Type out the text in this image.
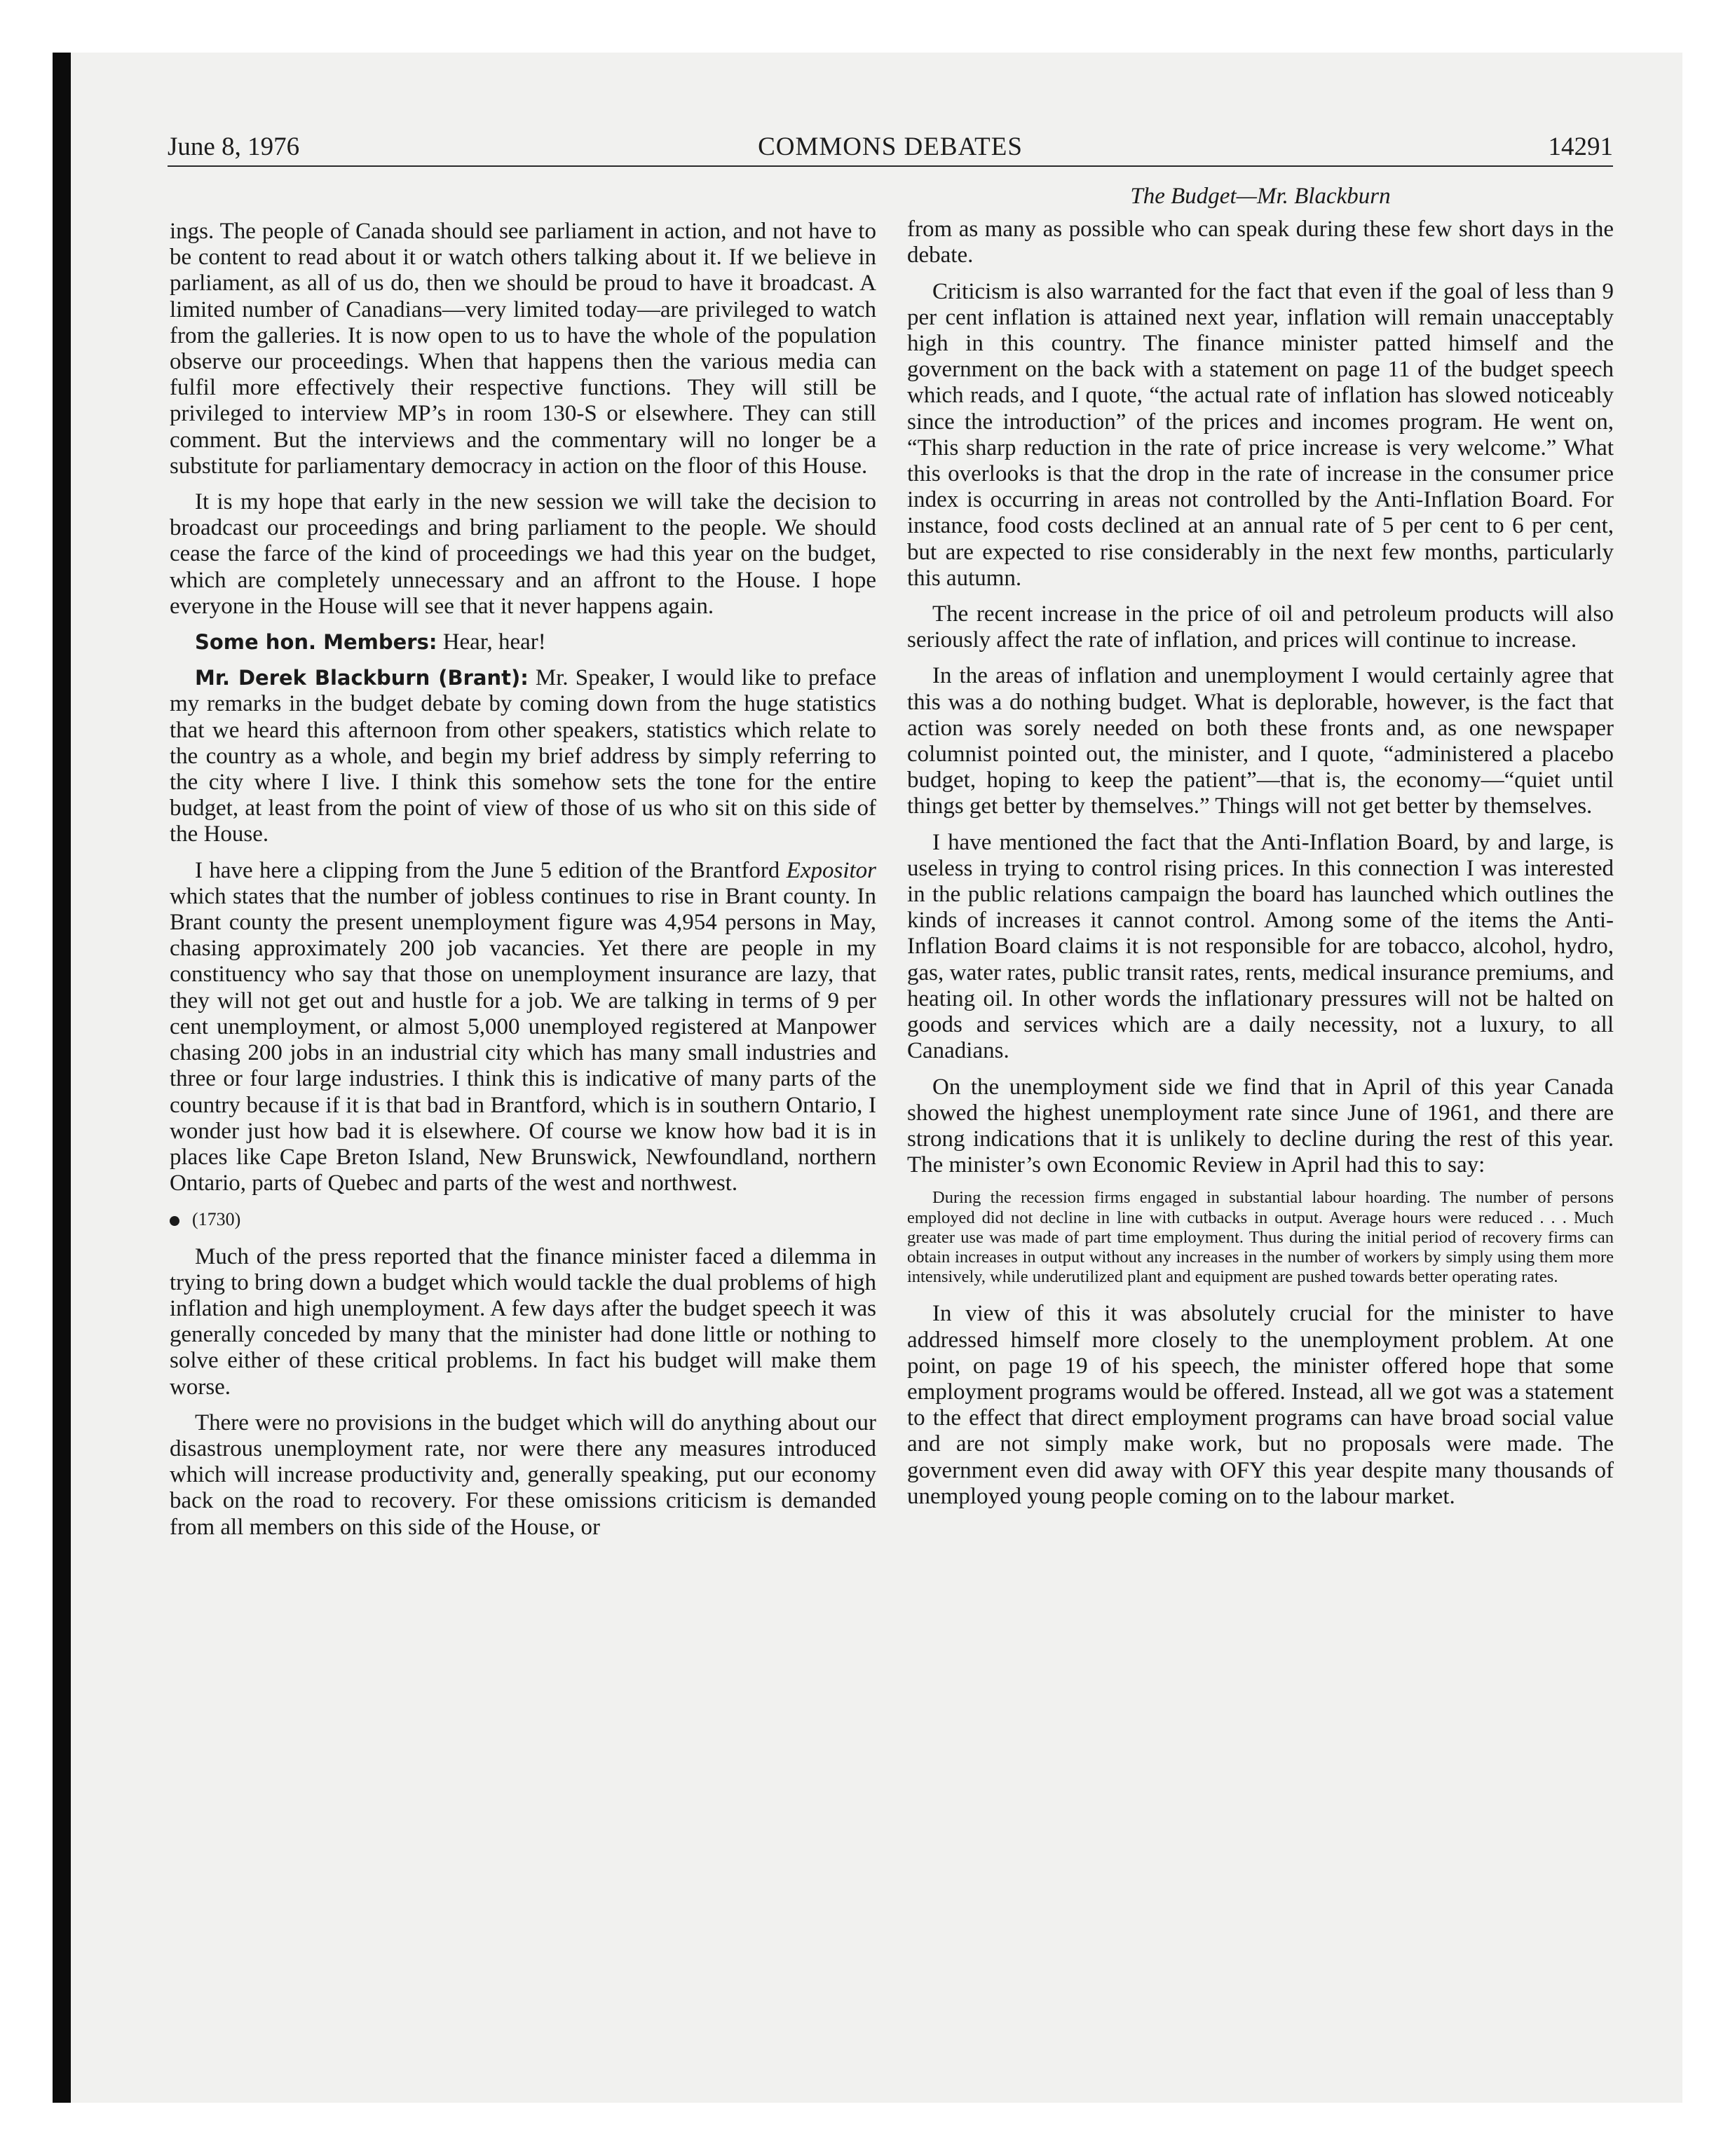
COMMONS DEBATES
June 8, 1976	14291

ings. The people of Canada should see parliament in action, and not have to be content to read about it or watch others talking about it. If we believe in parliament, as all of us do, then we should be proud to have it broadcast. A limited number of Canadians—very limited today—are privileged to watch from the galleries. It is now open to us to have the whole of the population observe our proceedings. When that happens then the various media can fulfil more effectively their respective functions. They will still be privileged to interview MP’s in room 130-S or elsewhere. They can still comment. But the interviews and the commentary will no longer be a substitute for parliamentary democracy in action on the floor of this House.

It is my hope that early in the new session we will take the decision to broadcast our proceedings and bring parliament to the people. We should cease the farce of the kind of proceedings we had this year on the budget, which are completely unnecessary and an affront to the House. I hope everyone in the House will see that it never happens again.

Some hon. Members: Hear, hear!

Mr. Derek Blackburn (Brant): Mr. Speaker, I would like to preface my remarks in the budget debate by coming down from the huge statistics that we heard this afternoon from other speakers, statistics which relate to the country as a whole, and begin my brief address by simply referring to the city where I live. I think this somehow sets the tone for the entire budget, at least from the point of view of those of us who sit on this side of the House.

I have here a clipping from the June 5 edition of the Brantford Expositor which states that the number of jobless continues to rise in Brant county. In Brant county the present unemployment figure was 4,954 persons in May, chasing approximately 200 job vacancies. Yet there are people in my constituency who say that those on unemployment insurance are lazy, that they will not get out and hustle for a job. We are talking in terms of 9 per cent unemployment, or almost 5,000 unemployed registered at Manpower chasing 200 jobs in an industrial city which has many small industries and three or four large industries. I think this is indicative of many parts of the country because if it is that bad in Brantford, which is in southern Ontario, I wonder just how bad it is elsewhere. Of course we know how bad it is in places like Cape Breton Island, New Brunswick, Newfoundland, northern Ontario, parts of Quebec and parts of the west and northwest.

(1730)

Much of the press reported that the finance minister faced a dilemma in trying to bring down a budget which would tackle the dual problems of high inflation and high unemployment. A few days after the budget speech it was generally conceded by many that the minister had done little or nothing to solve either of these critical problems. In fact his budget will make them worse.

There were no provisions in the budget which will do anything about our disastrous unemployment rate, nor were there any measures introduced which will increase productivity and, generally speaking, put our economy back on the road to recovery. For these omissions criticism is demanded from all members on this side of the House, or

The Budget—Mr. Blackburn

from as many as possible who can speak during these few short days in the debate.

Criticism is also warranted for the fact that even if the goal of less than 9 per cent inflation is attained next year, inflation will remain unacceptably high in this country. The finance minister patted himself and the government on the back with a statement on page 11 of the budget speech which reads, and I quote, “the actual rate of inflation has slowed noticeably since the introduction” of the prices and incomes program. He went on, “This sharp reduction in the rate of price increase is very welcome.” What this overlooks is that the drop in the rate of increase in the consumer price index is occurring in areas not controlled by the Anti-Inflation Board. For instance, food costs declined at an annual rate of 5 per cent to 6 per cent, but are expected to rise considerably in the next few months, particularly this autumn.

The recent increase in the price of oil and petroleum products will also seriously affect the rate of inflation, and prices will continue to increase.

In the areas of inflation and unemployment I would certainly agree that this was a do nothing budget. What is deplorable, however, is the fact that action was sorely needed on both these fronts and, as one newspaper columnist pointed out, the minister, and I quote, “administered a placebo budget, hoping to keep the patient”—that is, the economy—“quiet until things get better by themselves.” Things will not get better by themselves.

I have mentioned the fact that the Anti-Inflation Board, by and large, is useless in trying to control rising prices. In this connection I was interested in the public relations campaign the board has launched which outlines the kinds of increases it cannot control. Among some of the items the Anti-Inflation Board claims it is not responsible for are tobacco, alcohol, hydro, gas, water rates, public transit rates, rents, medical insurance premiums, and heating oil. In other words the inflationary pressures will not be halted on goods and services which are a daily necessity, not a luxury, to all Canadians.

On the unemployment side we find that in April of this year Canada showed the highest unemployment rate since June of 1961, and there are strong indications that it is unlikely to decline during the rest of this year. The minister’s own Economic Review in April had this to say:

During the recession firms engaged in substantial labour hoarding. The number of persons employed did not decline in line with cutbacks in output. Average hours were reduced . . . Much greater use was made of part time employment. Thus during the initial period of recovery firms can obtain increases in output without any increases in the number of workers by simply using them more intensively, while underutilized plant and equipment are pushed towards better operating rates.

In view of this it was absolutely crucial for the minister to have addressed himself more closely to the unemployment problem. At one point, on page 19 of his speech, the minister offered hope that some employment programs would be offered. Instead, all we got was a statement to the effect that direct employment programs can have broad social value and are not simply make work, but no proposals were made. The government even did away with OFY this year despite many thousands of unemployed young people coming on to the labour market.
